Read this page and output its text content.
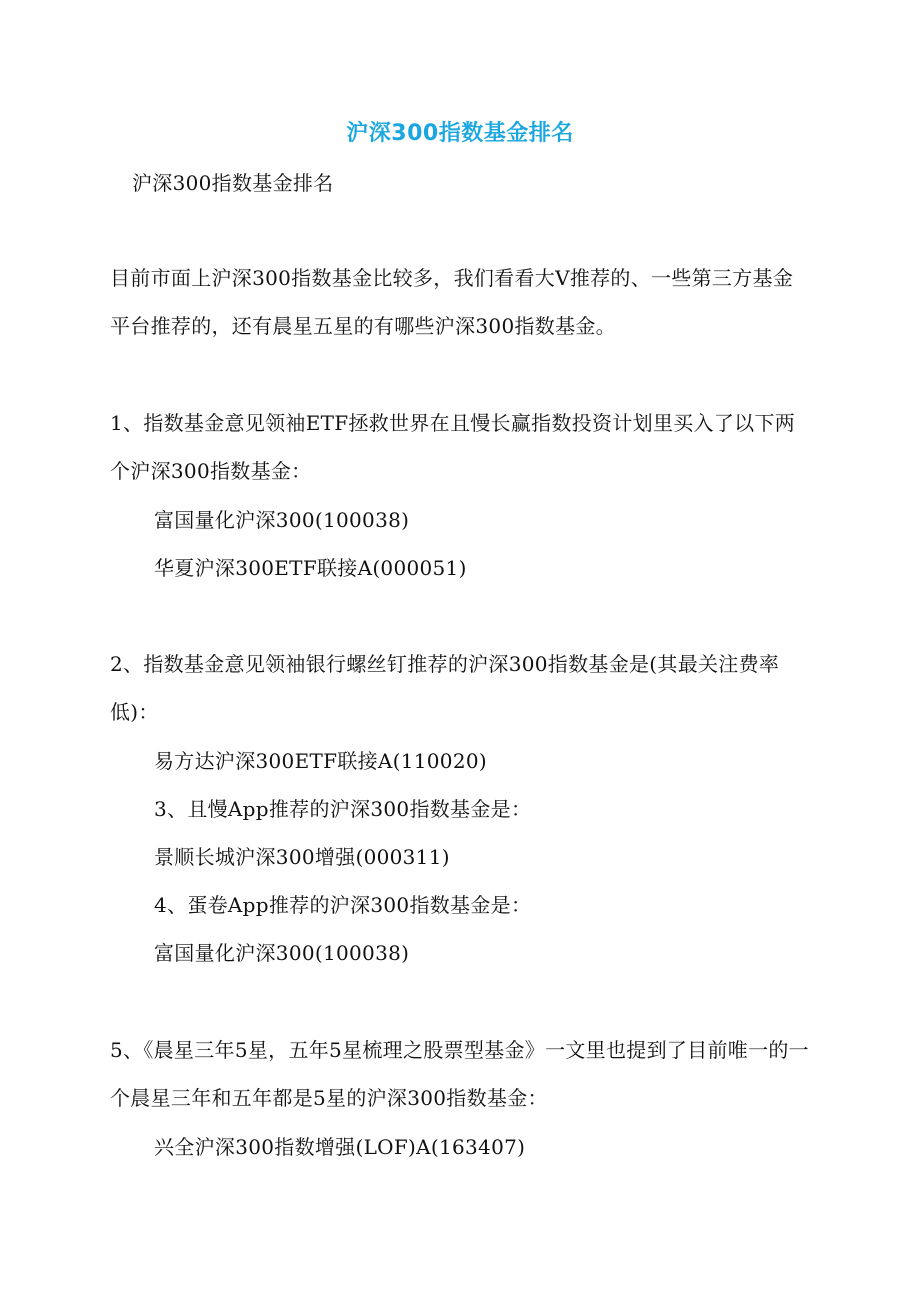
沪深300指数基金排名
沪深300指数基金排名
目前市面上沪深300指数基金比较多，我们看看大V推荐的、一些第三方基金平台推荐的，还有晨星五星的有哪些沪深300指数基金。
1、指数基金意见领袖ETF拯救世界在且慢长赢指数投资计划里买入了以下两个沪深300指数基金：
富国量化沪深300(100038)
华夏沪深300ETF联接A(000051)
2、指数基金意见领袖银行螺丝钉推荐的沪深300指数基金是(其最关注费率低)：
易方达沪深300ETF联接A(110020)
3、且慢App推荐的沪深300指数基金是：
景顺长城沪深300增强(000311)
4、蛋卷App推荐的沪深300指数基金是：
富国量化沪深300(100038)
5、《晨星三年5星，五年5星梳理之股票型基金》一文里也提到了目前唯一的一个晨星三年和五年都是5星的沪深300指数基金：
兴全沪深300指数增强(LOF)A(163407)
